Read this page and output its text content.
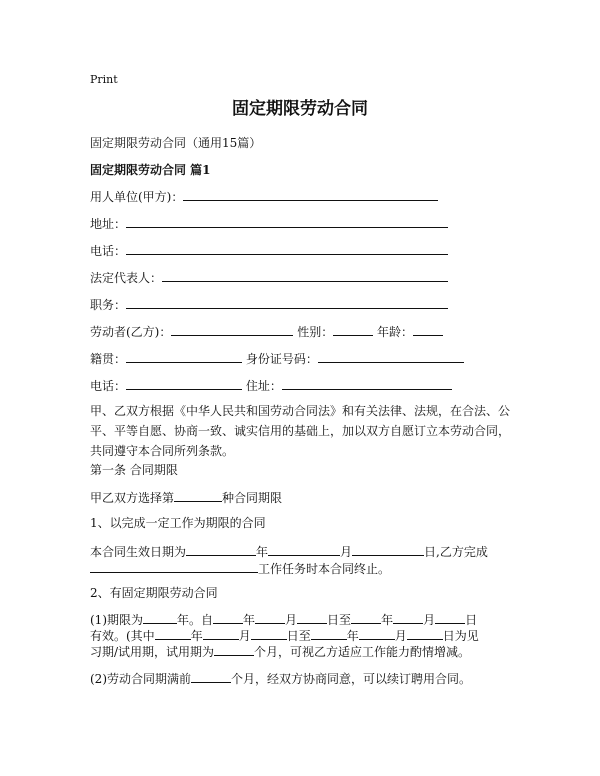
Print
固定期限劳动合同
固定期限劳动合同（通用15篇）
固定期限劳动合同 篇1
用人单位(甲方)：
地址：
电话：
法定代表人：
职务：
劳动者(乙方)：	性别：	年龄：
籍贯：	身份证号码：
电话：	住址：
甲、乙双方根据《中华人民共和国劳动合同法》和有关法律、法规，在合法、公平、平等自愿、协商一致、诚实信用的基础上，加以双方自愿订立本劳动合同，共同遵守本合同所列条款。
第一条 合同期限
甲乙双方选择第	种合同期限
1、以完成一定工作为期限的合同
本合同生效日期为	年	月	日,乙方完成
工作任务时本合同终止。
2、有固定期限劳动合同
(1)期限为	年。自	年	月	日至	年	月	日
有效。(其中	年	月	日至	年	月	日为见
习期/试用期，试用期为	个月，可视乙方适应工作能力酌情增减。
(2)劳动合同期满前	个月，经双方协商同意，可以续订聘用合同。
